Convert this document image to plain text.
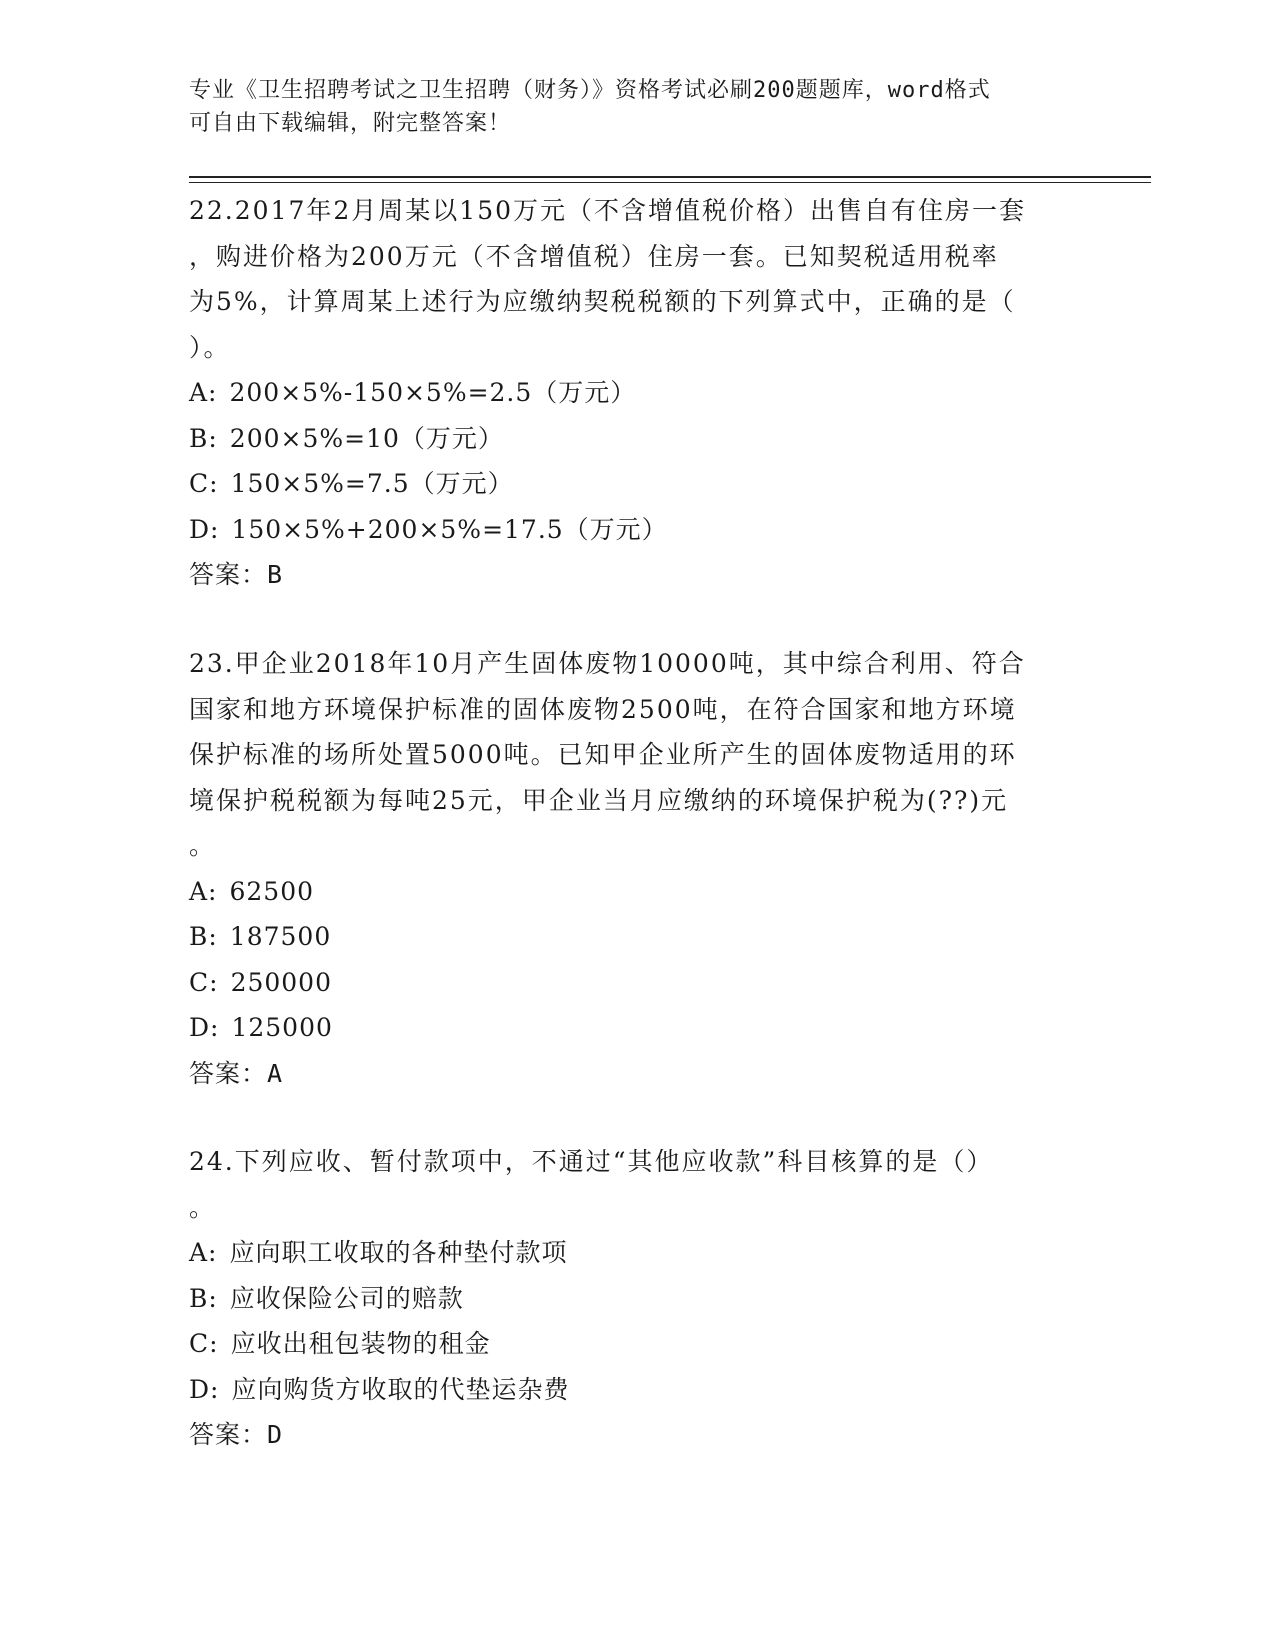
专业《卫生招聘考试之卫生招聘（财务）》资格考试必刷200题题库，word格式
可自由下载编辑，附完整答案！
22.2017年2月周某以150万元（不含增值税价格）出售自有住房一套
，购进价格为200万元（不含增值税）住房一套。已知契税适用税率
为5%，计算周某上述行为应缴纳契税税额的下列算式中，正确的是（
）。
A: 200×5%-150×5%=2.5（万元）
B: 200×5%=10（万元）
C: 150×5%=7.5（万元）
D: 150×5%+200×5%=17.5（万元）
答案：B
23.甲企业2018年10月产生固体废物10000吨，其中综合利用、符合
国家和地方环境保护标准的固体废物2500吨，在符合国家和地方环境
保护标准的场所处置5000吨。已知甲企业所产生的固体废物适用的环
境保护税税额为每吨25元，甲企业当月应缴纳的环境保护税为(??)元
。
A: 62500
B: 187500
C: 250000
D: 125000
答案：A
24.下列应收、暂付款项中，不通过“其他应收款”科目核算的是（）
。
A: 应向职工收取的各种垫付款项
B: 应收保险公司的赔款
C: 应收出租包装物的租金
D: 应向购货方收取的代垫运杂费
答案：D
